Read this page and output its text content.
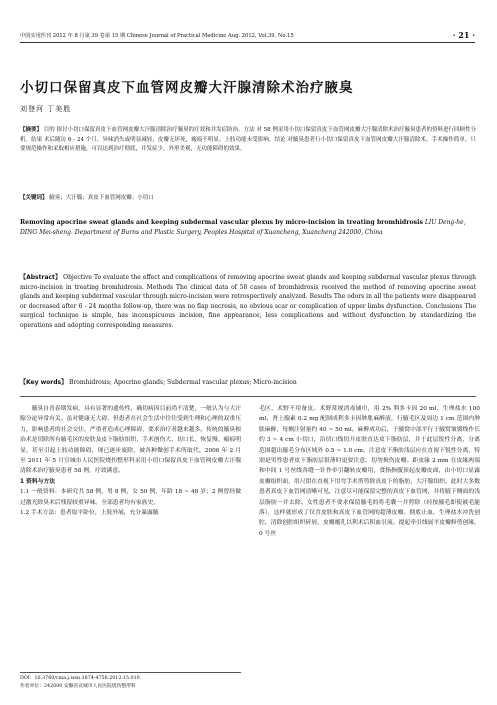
中国实用医刊 2012 年 8 月第 39 卷第 15 期 Chinese Journal of Practical Medicine Aug. 2012, Vol.39, No.15	· 21 ·
小切口保留真皮下血管网皮瓣大汗腺清除术治疗腋臭
刘登河 丁美胜
【摘要】 目的 探讨小切口保留真皮下血管网皮瓣大汗腺清除治疗腋臭的疗效和并发症防治。方法 对 58 例采用小切口保留真皮下血管网皮瓣大汗腺清除术治疗腋臭患者的资料进行回顾性分析。结果 术后随访 6 - 24 个月，异味消失或明显减轻，皮瓣无坏死，瘢痕不明显，上肢功能未受影响。结论 对腋臭患者行小切口保留真皮下血管网皮瓣大汗腺清除术，手术操作简单，只要规范操作和采取相应措施，可以达到治疗彻底，并发症少，外形美观，无功能障碍的效果。
【关键词】 腋臭；大汗腺；真皮下血管网皮瓣；小切口
Removing apocrine sweat glands and keeping subdermal vascular plexus by micro-incision in treating bromhidrosis LIU Deng-he, DING Mei-sheng. Department of Burns and Plastic Surgery, Peoples Hospital of Xuancheng, Xuancheng 242000, China
【Abstract】 Objective To evaluate the effect and complications of removing apocrine sweat glands and keeping subdermal vascular plexus through micro-incision in treating bromhidrosis. Methods The clinical data of 58 cases of bromhidrosis received the method of removing apocrine sweat glands and keeping subdermal vascular through micro-incision were retrospectively analyzed. Results The odors in all the patients were disappeared or decreased after 6 - 24 months follow-up, there was no flap necrosis, no obvious scar or complication of upper limbs dysfunction. Conclusions The surgical technique is simple, has inconspicuous incision, fine appearance, less complications and without dysfunction by standardizing the operations and adopting corresponding measures.
【Key words】 Bromhidrosis; Apocrine glands; Subdermal vascular plexus; Micro-incision

腋臭自青春期发病，具有显著的遗传性，确切病因目前尚不清楚，一般认为与大汗腺分泌异常有关。虽对健康无大碍，但患者在社会生活中往往受到生理和心理的双重压力，影响患者的社会交往，严重者造成心理障碍，要求治疗者越来越多。传统的腋臭根治术是切除所有腋毛区的皮肤及皮下脂肪组织，手术创伤大、切口长、恢复慢、瘢痕明显，甚至引起上肢功能障碍，现已逐步废除，被各种微创手术所取代。2006 年 2 月至 2011 年 5 月宣城市人民医院烧伤整形科采用小切口保留真皮下血管网皮瓣大汗腺清除术治疗腋臭患者 58 例，疗效满意。

1 资料与方法

1.1 一般资料：本研究共 58 例，男 8 例，女 50 例，年龄 18 ~ 48 岁；2 例曾经做过激光除臭术后残留较重异味。全部患者均有家族史。

1.2 手术方法：患者取平卧位，上肢外展，充分暴露腋

毛区，术野不用备皮。术野常规消毒铺巾，用 2% 利多卡因 20 ml，生理盐水 100 ml，肾上腺素 0.2 mg 配制成利多卡因肿胀麻醉液，行腋毛区及周边 1 cm 范围内肿胀麻醉，每侧注射量约 40 ~ 50 ml。麻醉成功后，于腋窝中部平行于腋窝皱襞线作长约 3 ~ 4 cm 小切口，沿切口线切开皮肤直达皮下脂肪层，并于此层锐性分离，分离范围超出腋毛分布区域外 0.5 ~ 1.0 cm。注意皮下脂肪浅层应在直视下锐性分离，特别是男性患者皮下脂肪层很薄时更要注意，切勿损伤皮瓣。距皮缘 2 mm 在皮缘两端和中间 1 号丝线各缝一针作牵引翻转皮瓣用，食指指腹顶起皮瓣皮面，由小切口显露皮瓣组织面，用尺钳在直视下用弯手术剪剪除真皮下的脂肪、大汗腺组织。此时大多数患者真皮下血管网清晰可见，注意尽可能保留完整的真皮下血管网，并将腋下侧面的浅层脂肪一并去除。女性患者不要求保留腋毛的将毛囊一并剪除（轻按腋毛即使被毛能落），这样就形成了仅含皮肤和真皮下血管网的超薄皮瓣。彻底止血，生理盐水冲洗创腔，清除创腔组织碎屑，皮瓣覆孔以利术后积血引流。提起牵引线展平皮瓣修剪创缘，0 号丝

DOI：10.3760/cma.j.issn.1674-4756.2012.15.010
作者单位：242000 安徽省宣城市人民医院烧伤整形科
